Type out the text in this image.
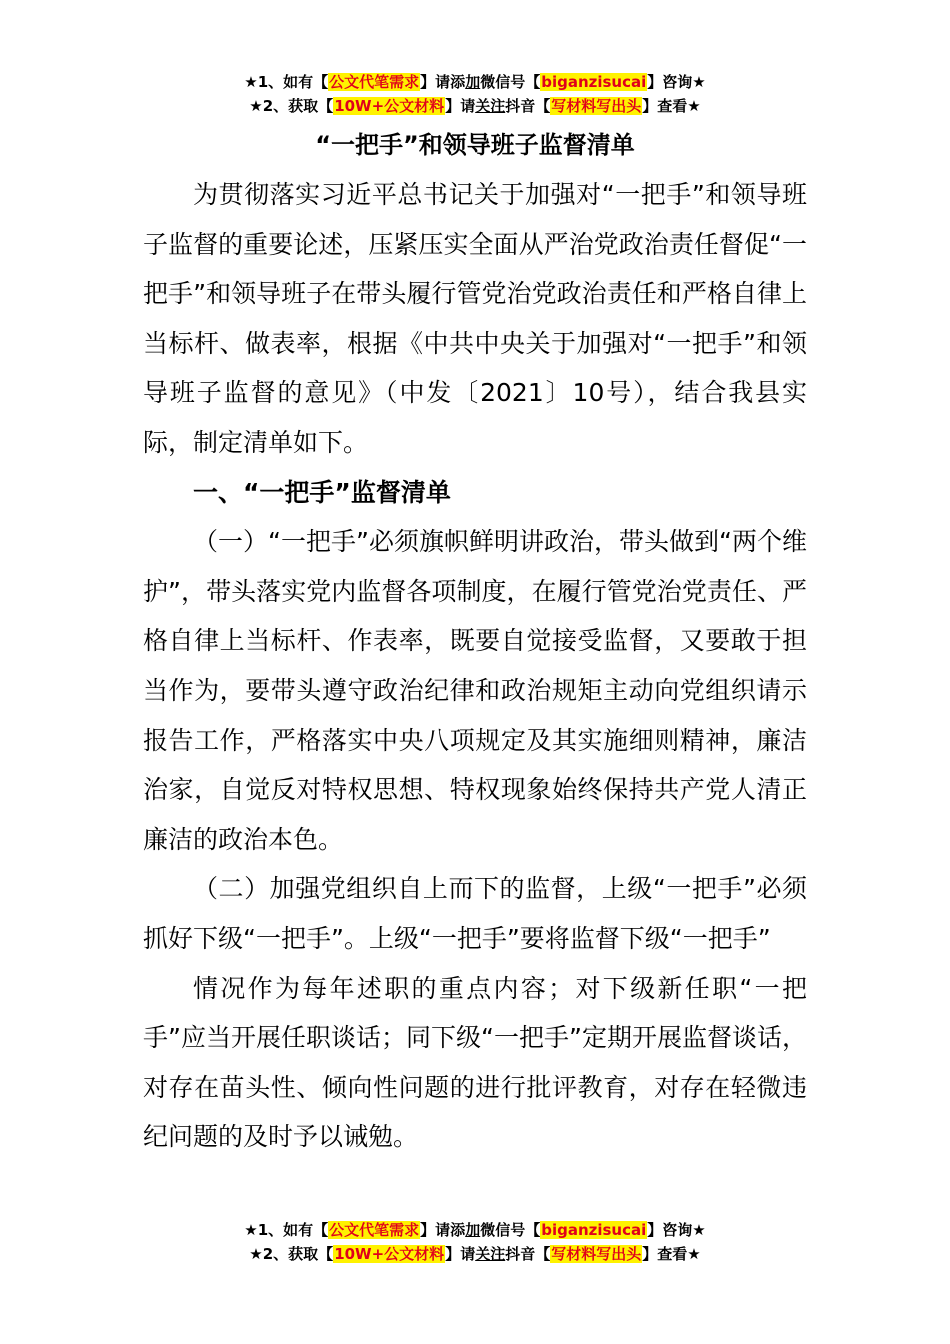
★1、如有【公文代笔需求】请添加微信号【biganzisucai】咨询★
★2、获取【10W+公文材料】请关注抖音【写材料写出头】查看★
“一把手”和领导班子监督清单

为贯彻落实习近平总书记关于加强对“一把手”和领导班子监督的重要论述，压紧压实全面从严治党政治责任督促“一把手”和领导班子在带头履行管党治党政治责任和严格自律上当标杆、做表率，根据《中共中央关于加强对“一把手”和领导班子监督的意见》（中发〔2021〕10号），结合我县实际，制定清单如下。

一、“一把手”监督清单

（一）“一把手”必须旗帜鲜明讲政治，带头做到“两个维护”，带头落实党内监督各项制度，在履行管党治党责任、严格自律上当标杆、作表率，既要自觉接受监督，又要敢于担当作为，要带头遵守政治纪律和政治规矩主动向党组织请示报告工作，严格落实中央八项规定及其实施细则精神，廉洁治家，自觉反对特权思想、特权现象始终保持共产党人清正廉洁的政治本色。

（二）加强党组织自上而下的监督，上级“一把手”必须抓好下级“一把手”。上级“一把手”要将监督下级“一把手”

情况作为每年述职的重点内容；对下级新任职“一把手”应当开展任职谈话；同下级“一把手”定期开展监督谈话，对存在苗头性、倾向性问题的进行批评教育，对存在轻微违纪问题的及时予以诫勉。

★1、如有【公文代笔需求】请添加微信号【biganzisucai】咨询★
★2、获取【10W+公文材料】请关注抖音【写材料写出头】查看★
